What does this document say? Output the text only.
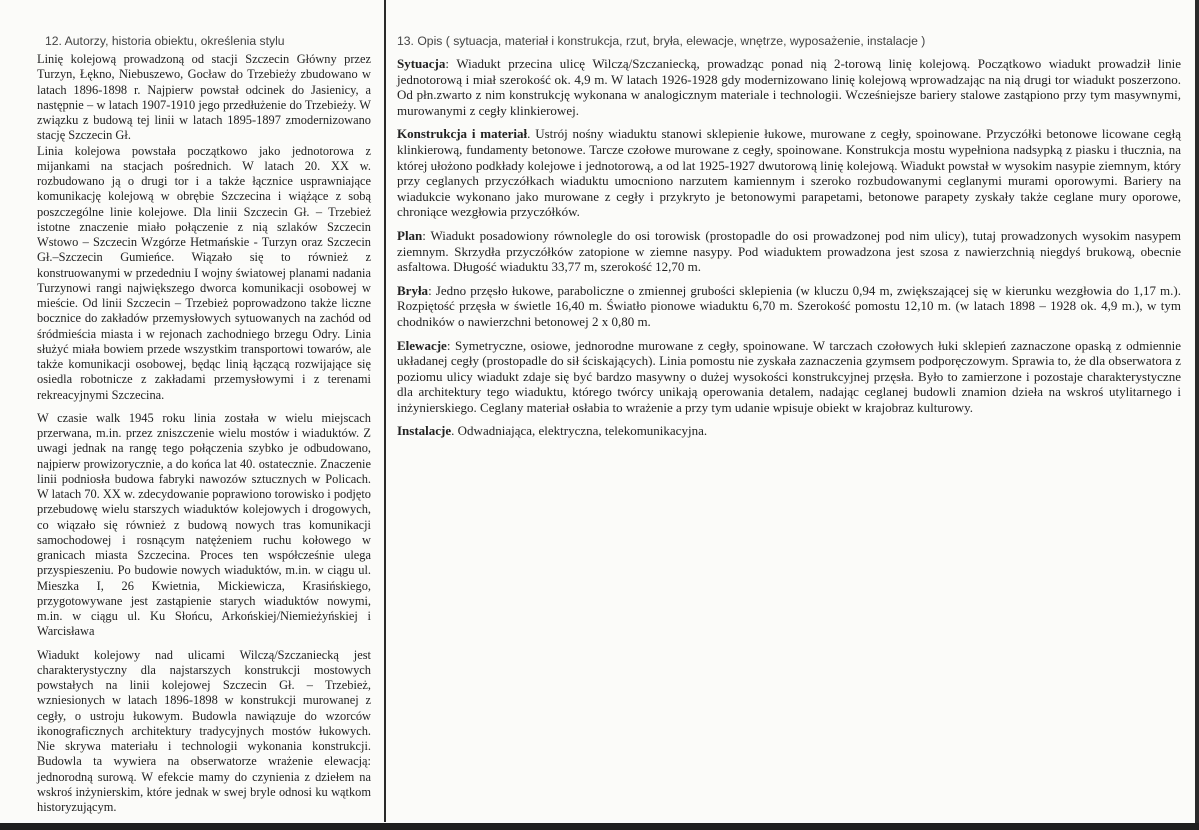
12. Autorzy, historia obiektu, określenia stylu

Linię kolejową prowadzoną od stacji Szczecin Główny przez Turzyn, Łękno, Niebuszewo, Gocław do Trzebieży zbudowano w latach 1896-1898 r. Najpierw powstał odcinek do Jasienicy, a następnie – w latach 1907-1910 jego przedłużenie do Trzebieży. W związku z budową tej linii w latach 1895-1897 zmodernizowano stację Szczecin Gł.

Linia kolejowa powstała początkowo jako jednotorowa z mijankami na stacjach pośrednich. W latach 20. XX w. rozbudowano ją o drugi tor i a także łącznice usprawniające komunikację kolejową w obrębie Szczecina i wiążące z sobą poszczególne linie kolejowe. Dla linii Szczecin Gł. – Trzebież istotne znaczenie miało połączenie z nią szlaków Szczecin Wstowo – Szczecin Wzgórze Hetmańskie - Turzyn oraz Szczecin Gł.–Szczecin Gumieńce. Wiązało się to również z konstruowanymi w przededniu I wojny światowej planami nadania Turzynowi rangi największego dworca komunikacji osobowej w mieście. Od linii Szczecin – Trzebież poprowadzono także liczne bocznice do zakładów przemysłowych sytuowanych na zachód od śródmieścia miasta i w rejonach zachodniego brzegu Odry. Linia służyć miała bowiem przede wszystkim transportowi towarów, ale także komunikacji osobowej, będąc linią łączącą rozwijające się osiedla robotnicze z zakładami przemysłowymi i z terenami rekreacyjnymi Szczecina.

W czasie walk 1945 roku linia została w wielu miejscach przerwana, m.in. przez zniszczenie wielu mostów i wiaduktów. Z uwagi jednak na rangę tego połączenia szybko je odbudowano, najpierw prowizorycznie, a do końca lat 40. ostatecznie. Znaczenie linii podniosła budowa fabryki nawozów sztucznych w Policach. W latach 70. XX w. zdecydowanie poprawiono torowisko i podjęto przebudowę wielu starszych wiaduktów kolejowych i drogowych, co wiązało się również z budową nowych tras komunikacji samochodowej i rosnącym natężeniem ruchu kołowego w granicach miasta Szczecina. Proces ten współcześnie ulega przyspieszeniu. Po budowie nowych wiaduktów, m.in. w ciągu ul. Mieszka I, 26 Kwietnia, Mickiewicza, Krasińskiego, przygotowywane jest zastąpienie starych wiaduktów nowymi, m.in. w ciągu ul. Ku Słońcu, Arkońskiej/Niemieżyńskiej i Warcisława

Wiadukt kolejowy nad ulicami Wilczą/Szczaniecką jest charakterystyczny dla najstarszych konstrukcji mostowych powstałych na linii kolejowej Szczecin Gł. – Trzebież, wzniesionych w latach 1896-1898 w konstrukcji murowanej z cegły, o ustroju łukowym. Budowla nawiązuje do wzorców ikonograficznych architektury tradycyjnych mostów łukowych. Nie skrywa materiału i technologii wykonania konstrukcji. Budowla ta wywiera na obserwatorze wrażenie elewacją: jednorodną surową. W efekcie mamy do czynienia z dziełem na wskroś inżynierskim, które jednak w swej bryle odnosi ku wątkom historyzującym.

13. Opis ( sytuacja, materiał i konstrukcja, rzut, bryła, elewacje, wnętrze, wyposażenie, instalacje )

Sytuacja: Wiadukt przecina ulicę Wilczą/Szczaniecką, prowadząc ponad nią 2-torową linię kolejową. Początkowo wiadukt prowadził linie jednotorową i miał szerokość ok. 4,9 m. W latach 1926-1928 gdy modernizowano linię kolejową wprowadzając na nią drugi tor wiadukt poszerzono. Od płn.zwarto z nim konstrukcję wykonana w analogicznym materiale i technologii. Wcześniejsze bariery stalowe zastąpiono przy tym masywnymi, murowanymi z cegły klinkierowej.

Konstrukcja i materiał. Ustrój nośny wiaduktu stanowi sklepienie łukowe, murowane z cegły, spoinowane. Przyczółki betonowe licowane cegłą klinkierową, fundamenty betonowe. Tarcze czołowe murowane z cegły, spoinowane. Konstrukcja mostu wypełniona nadsypką z piasku i tłucznia, na której ułożono podkłady kolejowe i jednotorową, a od lat 1925-1927 dwutorową linię kolejową. Wiadukt powstał w wysokim nasypie ziemnym, który przy ceglanych przyczółkach wiaduktu umocniono narzutem kamiennym i szeroko rozbudowanymi ceglanymi murami oporowymi. Bariery na wiadukcie wykonano jako murowane z cegły i przykryto je betonowymi parapetami, betonowe parapety zyskały także ceglane mury oporowe, chroniące wezgłowia przyczółków.

Plan: Wiadukt posadowiony równolegle do osi torowisk (prostopadle do osi prowadzonej pod nim ulicy), tutaj prowadzonych wysokim nasypem ziemnym. Skrzydła przyczółków zatopione w ziemne nasypy. Pod wiaduktem prowadzona jest szosa z nawierzchnią niegdyś brukową, obecnie asfaltowa. Długość wiaduktu 33,77 m, szerokość 12,70 m.

Bryła: Jedno przęsło łukowe, paraboliczne o zmiennej grubości sklepienia (w kluczu 0,94 m, zwiększającej się w kierunku wezgłowia do 1,17 m.). Rozpiętość przęsła w świetle 16,40 m. Światło pionowe wiaduktu 6,70 m. Szerokość pomostu 12,10 m. (w latach 1898 – 1928 ok. 4,9 m.), w tym chodników o nawierzchni betonowej 2 x 0,80 m.

Elewacje: Symetryczne, osiowe, jednorodne murowane z cegły, spoinowane. W tarczach czołowych łuki sklepień zaznaczone opaską z odmiennie układanej cegły (prostopadle do sił ściskających). Linia pomostu nie zyskała zaznaczenia gzymsem podporęczowym. Sprawia to, że dla obserwatora z poziomu ulicy wiadukt zdaje się być bardzo masywny o dużej wysokości konstrukcyjnej przęsła. Było to zamierzone i pozostaje charakterystyczne dla architektury tego wiaduktu, którego twórcy unikają operowania detalem, nadając ceglanej budowli znamion dzieła na wskroś utylitarnego i inżynierskiego. Ceglany materiał osłabia to wrażenie a przy tym udanie wpisuje obiekt w krajobraz kulturowy.

Instalacje. Odwadniająca, elektryczna, telekomunikacyjna.
